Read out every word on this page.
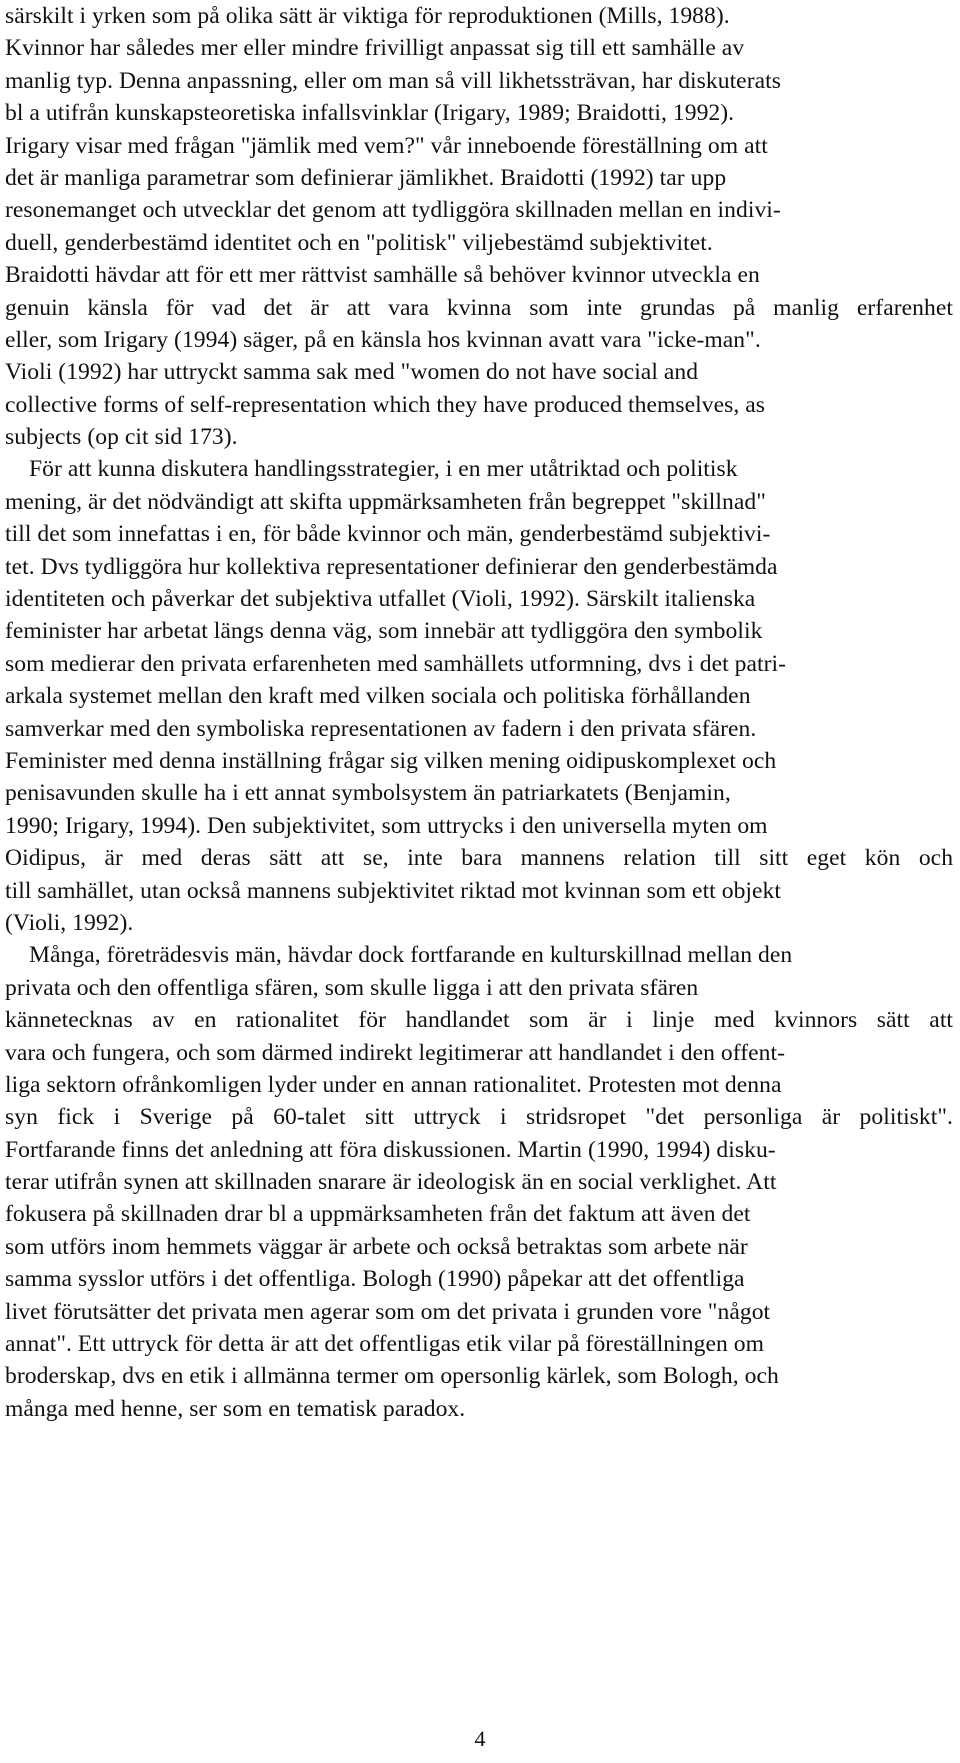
särskilt i yrken som på olika sätt är viktiga för reproduktionen (Mills, 1988).
Kvinnor har således mer eller mindre frivilligt anpassat sig till ett samhälle av
manlig typ. Denna anpassning, eller om man så vill likhetssträvan, har diskuterats
bl a utifrån kunskapsteoretiska infallsvinklar (Irigary, 1989; Braidotti, 1992).
Irigary visar med frågan "jämlik med vem?" vår inneboende föreställning om att
det är manliga parametrar som definierar jämlikhet. Braidotti (1992) tar upp
resonemanget och utvecklar det genom att tydliggöra skillnaden mellan en indivi-
duell, genderbestämd identitet och en "politisk" viljebestämd subjektivitet.
Braidotti hävdar att för ett mer rättvist samhälle så behöver kvinnor utveckla en
genuin känsla för vad det är att vara kvinna som inte grundas på manlig erfarenhet
eller, som Irigary (1994) säger, på en känsla hos kvinnan avatt vara "icke-man".
Violi (1992) har uttryckt samma sak med "women do not have social and
collective forms of self-representation which they have produced themselves, as
subjects (op cit sid 173).

För att kunna diskutera handlingsstrategier, i en mer utåtriktad och politisk
mening, är det nödvändigt att skifta uppmärksamheten från begreppet "skillnad"
till det som innefattas i en, för både kvinnor och män, genderbestämd subjektivi-
tet. Dvs tydliggöra hur kollektiva representationer definierar den genderbestämda
identiteten och påverkar det subjektiva utfallet (Violi, 1992). Särskilt italienska
feminister har arbetat längs denna väg, som innebär att tydliggöra den symbolik
som medierar den privata erfarenheten med samhällets utformning, dvs i det patri-
arkala systemet mellan den kraft med vilken sociala och politiska förhållanden
samverkar med den symboliska representationen av fadern i den privata sfären.
Feminister med denna inställning frågar sig vilken mening oidipuskomplexet och
penisavunden skulle ha i ett annat symbolsystem än patriarkatets (Benjamin,
1990; Irigary, 1994). Den subjektivitet, som uttrycks i den universella myten om
Oidipus, är med deras sätt att se, inte bara mannens relation till sitt eget kön och
till samhället, utan också mannens subjektivitet riktad mot kvinnan som ett objekt
(Violi, 1992).

Många, företrädesvis män, hävdar dock fortfarande en kulturskillnad mellan den
privata och den offentliga sfären, som skulle ligga i att den privata sfären
kännetecknas av en rationalitet för handlandet som är i linje med kvinnors sätt att
vara och fungera, och som därmed indirekt legitimerar att handlandet i den offent-
liga sektorn ofrånkomligen lyder under en annan rationalitet. Protesten mot denna
syn fick i Sverige på 60-talet sitt uttryck i stridsropet "det personliga är politiskt".
Fortfarande finns det anledning att föra diskussionen. Martin (1990, 1994) disku-
terar utifrån synen att skillnaden snarare är ideologisk än en social verklighet. Att
fokusera på skillnaden drar bl a uppmärksamheten från det faktum att även det
som utförs inom hemmets väggar är arbete och också betraktas som arbete när
samma sysslor utförs i det offentliga. Bologh (1990) påpekar att det offentliga
livet förutsätter det privata men agerar som om det privata i grunden vore "något
annat". Ett uttryck för detta är att det offentligas etik vilar på föreställningen om
broderskap, dvs en etik i allmänna termer om opersonlig kärlek, som Bologh, och
många med henne, ser som en tematisk paradox.

4
